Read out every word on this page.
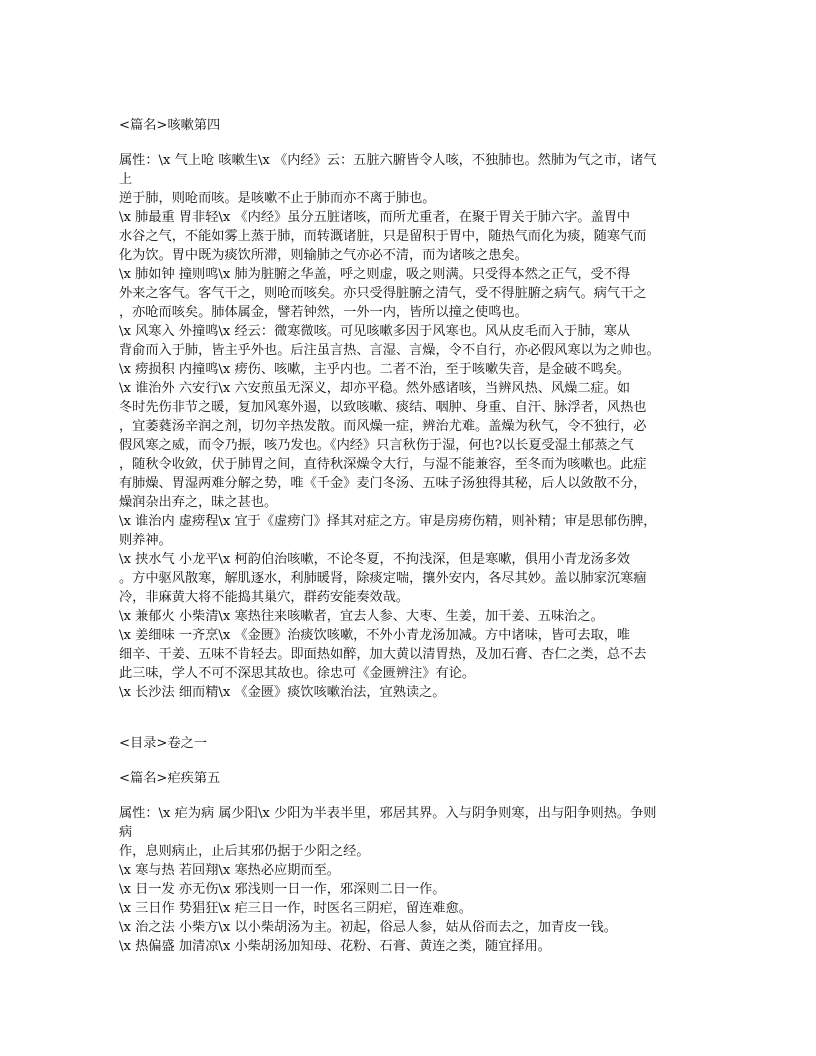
<篇名>咳嗽第四
属性：\x 气上呛 咳嗽生\x 《内经》云：五脏六腑皆令人咳，不独肺也。然肺为气之市，诸气
上
逆于肺，则呛而咳。是咳嗽不止于肺而亦不离于肺也。
\x 肺最重 胃非轻\x 《内经》虽分五脏诸咳，而所尤重者，在聚于胃关于肺六字。盖胃中
水谷之气，不能如雾上蒸于肺，而转溉诸脏，只是留积于胃中，随热气而化为痰，随寒气而
化为饮。胃中既为痰饮所滞，则输肺之气亦必不清，而为诸咳之患矣。
\x 肺如钟 撞则鸣\x 肺为脏腑之华盖，呼之则虚，吸之则满。只受得本然之正气，受不得
外来之客气。客气干之，则呛而咳矣。亦只受得脏腑之清气，受不得脏腑之病气。病气干之
，亦呛而咳矣。肺体属金，譬若钟然，一外一内，皆所以撞之使鸣也。
\x 风寒入 外撞鸣\x 经云：微寒微咳。可见咳嗽多因于风寒也。风从皮毛而入于肺，寒从
背俞而入于肺，皆主乎外也。后注虽言热、言湿、言燥，令不自行，亦必假风寒以为之帅也。
\x 痨损积 内撞鸣\x 痨伤、咳嗽，主乎内也。二者不治，至于咳嗽失音，是金破不鸣矣。
\x 谁治外 六安行\x 六安煎虽无深义，却亦平稳。然外感诸咳，当辨风热、风燥二症。如
冬时先伤非节之暖，复加风寒外遏，以致咳嗽、痰结、咽肿、身重、自汗、脉浮者，风热也
，宜萎蕤汤辛润之剂，切勿辛热发散。而风燥一症，辨治尤难。盖燥为秋气，令不独行，必
假风寒之威，而令乃振，咳乃发也。《内经》只言秋伤于湿，何也?以长夏受湿土郁蒸之气
，随秋令收敛，伏于肺胃之间，直待秋深燥令大行，与湿不能兼容，至冬而为咳嗽也。此症
有肺燥、胃湿两难分解之势，唯《千金》麦门冬汤、五味子汤独得其秘，后人以敛散不分，
燥润杂出弃之，昧之甚也。
\x 谁治内 虚痨程\x 宜于《虚痨门》择其对症之方。审是房痨伤精，则补精；审是思郁伤脾，
则养神。
\x 挟水气 小龙平\x 柯韵伯治咳嗽，不论冬夏，不拘浅深，但是寒嗽，俱用小青龙汤多效
。方中驱风散寒，解肌逐水，利肺暖肾，除痰定喘，攘外安内，各尽其妙。盖以肺家沉寒痼
冷，非麻黄大将不能捣其巢穴，群药安能奏效哉。
\x 兼郁火 小柴清\x 寒热往来咳嗽者，宜去人参、大枣、生姜，加干姜、五味治之。
\x 姜细味 一齐烹\x 《金匮》治痰饮咳嗽，不外小青龙汤加减。方中诸味，皆可去取，唯
细辛、干姜、五味不肯轻去。即面热如醉，加大黄以清胃热，及加石膏、杏仁之类，总不去
此三味，学人不可不深思其故也。徐忠可《金匮辨注》有论。
\x 长沙法 细而精\x 《金匮》痰饮咳嗽治法，宜熟读之。
<目录>卷之一
<篇名>疟疾第五
属性：\x 疟为病 属少阳\x 少阳为半表半里，邪居其界。入与阴争则寒，出与阳争则热。争则
病
作，息则病止，止后其邪仍据于少阳之经。
\x 寒与热 若回翔\x 寒热必应期而至。
\x 日一发 亦无伤\x 邪浅则一日一作，邪深则二日一作。
\x 三日作 势猖狂\x 疟三日一作，时医名三阴疟，留连难愈。
\x 治之法 小柴方\x 以小柴胡汤为主。初起，俗忌人参，姑从俗而去之，加青皮一钱。
\x 热偏盛 加清凉\x 小柴胡汤加知母、花粉、石膏、黄连之类，随宜择用。
